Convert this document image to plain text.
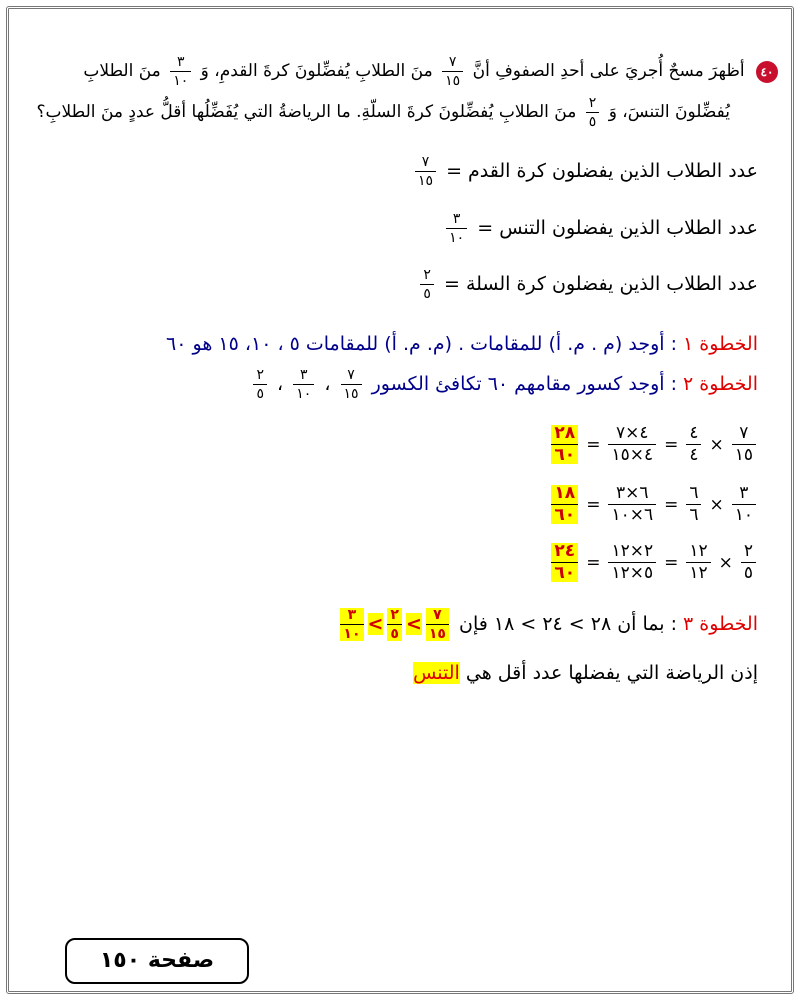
٤٠ أظهرَ مسحٌ أُجريَ على أحدِ الصفوفِ أنَّ
$\frac{٧}{١٥}$
منَ الطلابِ يُفضِّلونَ كرةَ القدمِ، وَ
$\frac{٣}{١٠}$
منَ الطلابِ
يُفضِّلونَ التنسَ، وَ
$\frac{٢}{٥}$
منَ الطلابِ يُفضِّلونَ كرةَ السلّةِ. ما الرياضةُ التي يُفَضِّلُها أقلُّ عددٍ منَ الطلابِ؟
عدد الطلاب الذين يفضلون كرة القدم =
$\frac{٧}{١٥}$
عدد الطلاب الذين يفضلون التنس =
$\frac{٣}{١٠}$
عدد الطلاب الذين يفضلون كرة السلة =
$\frac{٢}{٥}$
الخطوة ١ : أوجد (م . م. أ) للمقامات . (م. م. أ) للمقامات ٥ ، ١٠، ١٥ هو ٦٠
الخطوة ٢ : أوجد كسور مقامهم ٦٠ تكافئ الكسور
$\frac{٧}{١٥}$
،
$\frac{٣}{١٠}$
،
$\frac{٢}{٥}$
$\frac{٢٨}{٦٠} = \frac{٤\times ٧}{٤\times ١٥} = \frac{٤}{٤} \times \frac{٧}{١٥}$
$\frac{١٨}{٦٠} = \frac{٦\times ٣}{٦\times ١٠} = \frac{٦}{٦} \times \frac{٣}{١٠}$
$\frac{٢٤}{٦٠} = \frac{٢\times ١٢}{٥\times ١٢} = \frac{١٢}{١٢} \times \frac{٢}{٥}$
الخطوة ٣ : بما أن ٢٨ > ٢٤ > ١٨ فإن
$\frac{٣}{١٠} < \frac{٢}{٥} < \frac{٧}{١٥}$
إذن الرياضة التي يفضلها عدد أقل هي التنس
صفحة ١٥٠
